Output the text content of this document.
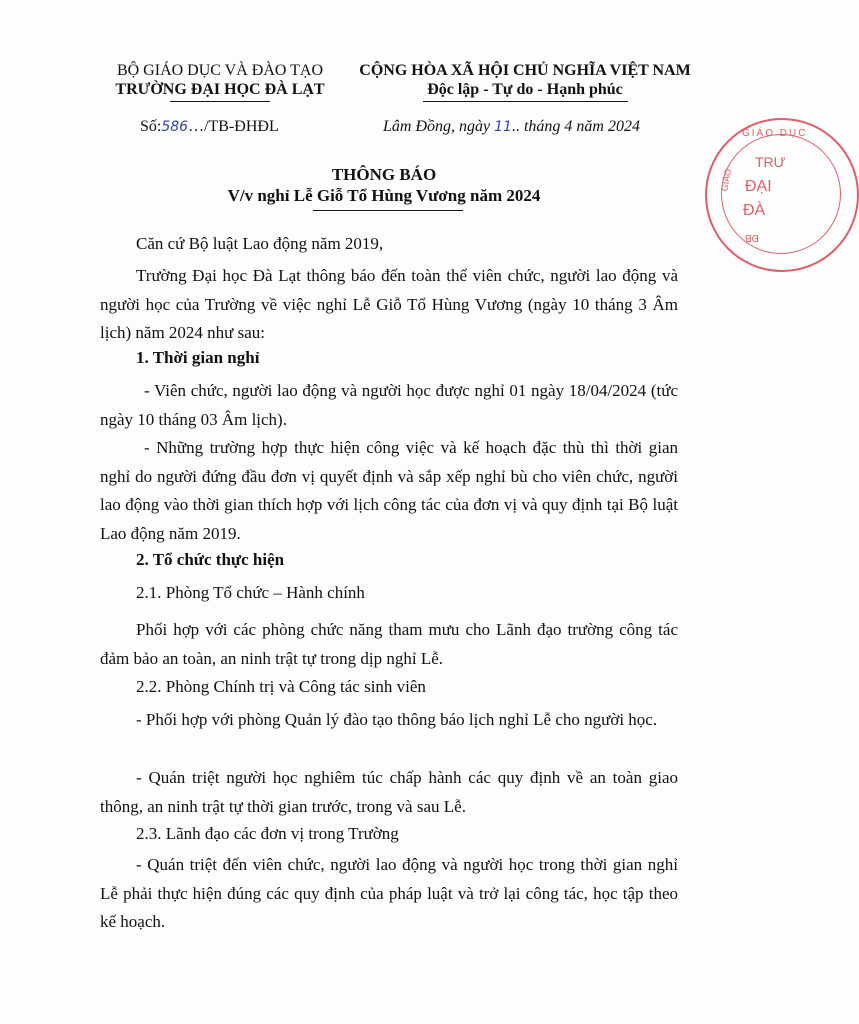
BỘ GIÁO DỤC VÀ ĐÀO TẠO
TRƯỜNG ĐẠI HỌC ĐÀ LẠT
CỘNG HÒA XÃ HỘI CHỦ NGHĨA VIỆT NAM
Độc lập - Tự do - Hạnh phúc
Số:586…/TB-ĐHĐL	Lâm Đồng, ngày 11.. tháng 4 năm 2024	GIÁO DỤC
GIÁO
TRƯ
ĐẠI
ĐÀ
ĐB
THÔNG BÁO
V/v nghỉ Lễ Giỗ Tổ Hùng Vương năm 2024
Căn cứ Bộ luật Lao động năm 2019,
Trường Đại học Đà Lạt thông báo đến toàn thể viên chức, người lao động và người học của Trường về việc nghỉ Lễ Giỗ Tổ Hùng Vương (ngày 10 tháng 3 Âm lịch) năm 2024 như sau:
1. Thời gian nghỉ
- Viên chức, người lao động và người học được nghỉ 01 ngày 18/04/2024 (tức ngày 10 tháng 03 Âm lịch).
- Những trường hợp thực hiện công việc và kế hoạch đặc thù thì thời gian nghỉ do người đứng đầu đơn vị quyết định và sắp xếp nghỉ bù cho viên chức, người lao động vào thời gian thích hợp với lịch công tác của đơn vị và quy định tại Bộ luật Lao động năm 2019.
2. Tổ chức thực hiện
2.1. Phòng Tổ chức – Hành chính
Phối hợp với các phòng chức năng tham mưu cho Lãnh đạo trường công tác đảm bảo an toàn, an ninh trật tự trong dịp nghỉ Lễ.
2.2. Phòng Chính trị và Công tác sinh viên
- Phối hợp với phòng Quản lý đào tạo thông báo lịch nghỉ Lễ cho người học.
- Quán triệt người học nghiêm túc chấp hành các quy định về an toàn giao thông, an ninh trật tự thời gian trước, trong và sau Lễ.
2.3. Lãnh đạo các đơn vị trong Trường
- Quán triệt đến viên chức, người lao động và người học trong thời gian nghỉ Lễ phải thực hiện đúng các quy định của pháp luật và trở lại công tác, học tập theo kế hoạch.
